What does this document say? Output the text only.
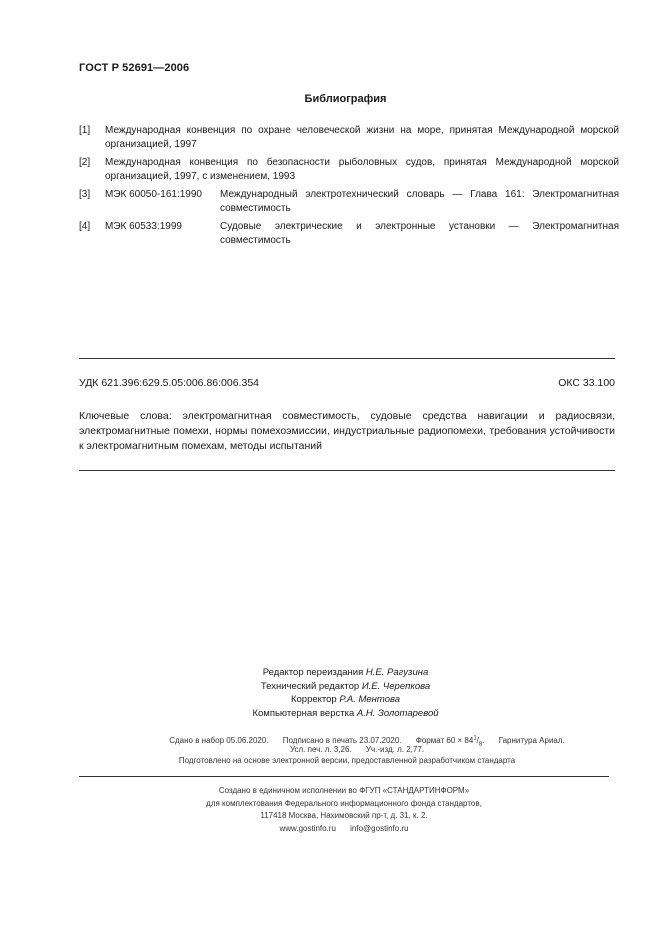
ГОСТ Р 52691—2006
Библиография
[1] Международная конвенция по охране человеческой жизни на море, принятая Международной морской организацией, 1997
[2] Международная конвенция по безопасности рыболовных судов, принятая Международной морской организацией, 1997, с изменением, 1993
[3] МЭК 60050-161:1990	Международный электротехнический словарь — Глава 161: Электромагнитная совместимость
[4] МЭК 60533:1999	Судовые электрические и электронные установки — Электромагнитная совместимость
УДК 621.396:629.5.05:006.86:006.354	ОКС 33.100
Ключевые слова: электромагнитная совместимость, судовые средства навигации и радиосвязи, электромагнитные помехи, нормы помехоэмиссии, индустриальные радиопомехи, требования устойчивости к электромагнитным помехам, методы испытаний
Редактор переиздания Н.Е. Рагузина
Технический редактор И.Е. Черепкова
Корректор Р.А. Ментова
Компьютерная верстка А.Н. Золотаревой
Сдано в набор 05.06.2020. Подписано в печать 23.07.2020. Формат $60 \times 84^1/_8$. Гарнитура Ариал.
Усл. печ. л. 3,26. Уч.-изд. л. 2,77.
Подготовлено на основе электронной версии, предоставленной разработчиком стандарта
Создано в единичном исполнении во ФГУП «СТАНДАРТИНФОРМ»
для комплектования Федерального информационного фонда стандартов,
117418 Москва, Нахимовский пр-т, д. 31, к. 2.
www.gostinfo.ru info@gostinfo.ru
